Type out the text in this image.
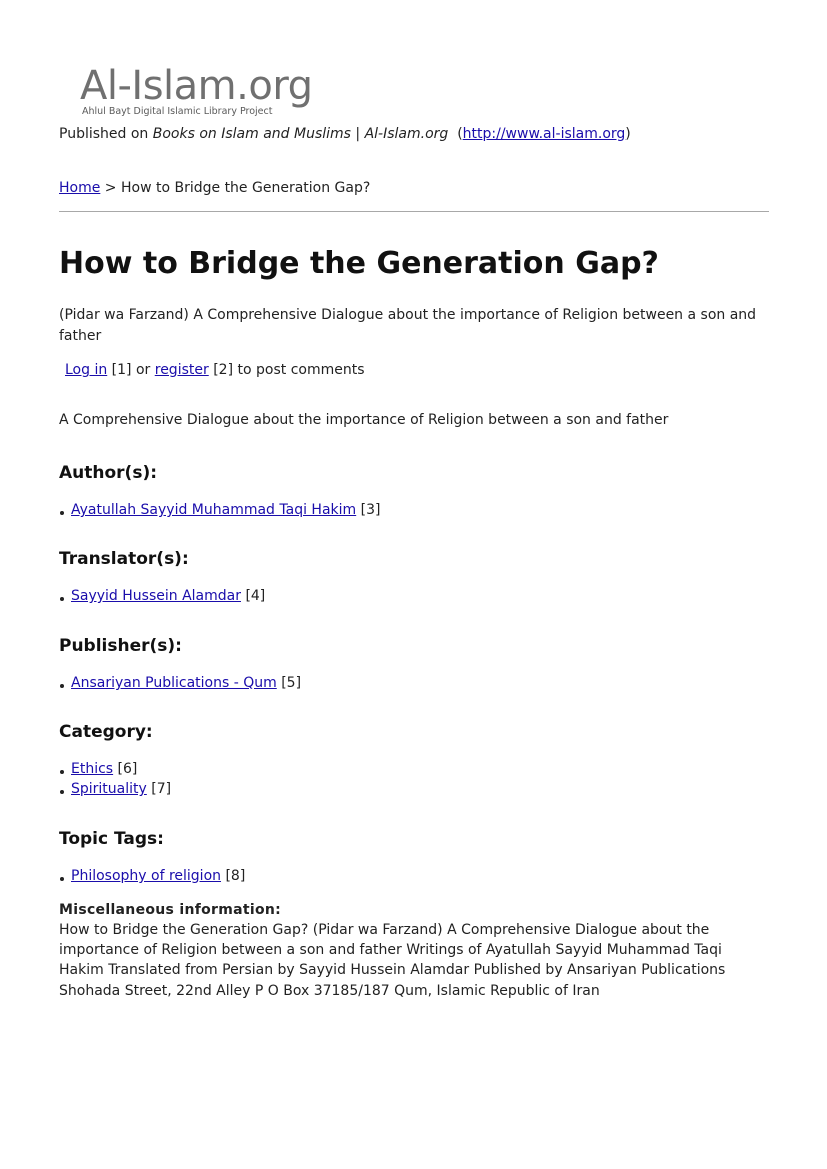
Al-Islam.org
Ahlul Bayt Digital Islamic Library Project
Published on Books on Islam and Muslims | Al-Islam.org (http://www.al-islam.org)
Home > How to Bridge the Generation Gap?
How to Bridge the Generation Gap?
(Pidar wa Farzand) A Comprehensive Dialogue about the importance of Religion between a son and father
Log in [1] or register [2] to post comments
A Comprehensive Dialogue about the importance of Religion between a son and father
Author(s):
Ayatullah Sayyid Muhammad Taqi Hakim [3]
Translator(s):
Sayyid Hussein Alamdar [4]
Publisher(s):
Ansariyan Publications - Qum [5]
Category:
Ethics [6]
Spirituality [7]
Topic Tags:
Philosophy of religion [8]
Miscellaneous information:
How to Bridge the Generation Gap? (Pidar wa Farzand) A Comprehensive Dialogue about the importance of Religion between a son and father Writings of Ayatullah Sayyid Muhammad Taqi Hakim Translated from Persian by Sayyid Hussein Alamdar Published by Ansariyan Publications Shohada Street, 22nd Alley P O Box 37185/187 Qum, Islamic Republic of Iran
